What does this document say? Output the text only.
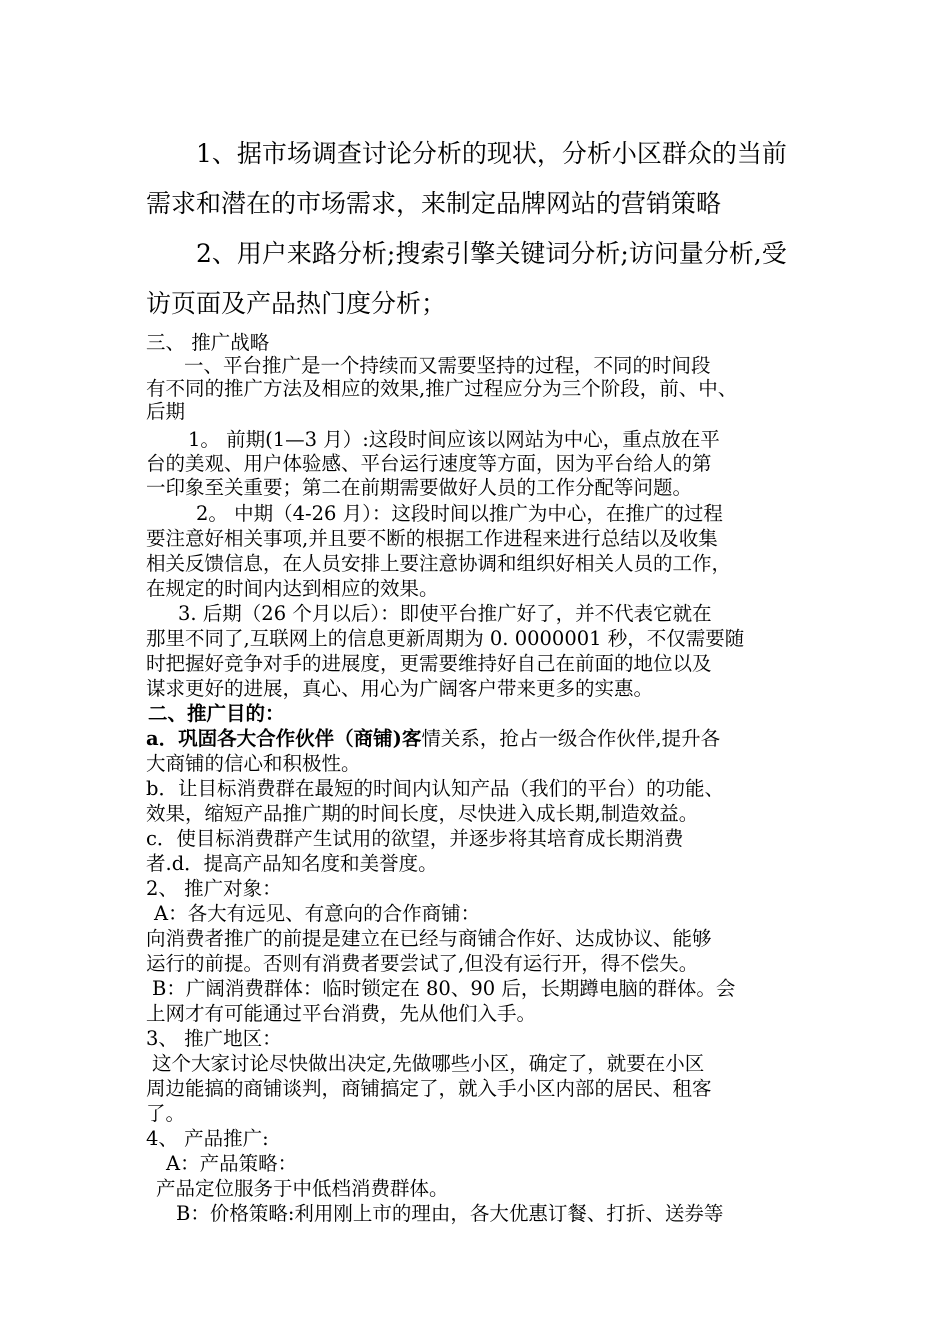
1、据市场调查讨论分析的现状，分析小区群众的当前

需求和潜在的市场需求，来制定品牌网站的营销策略

2、用户来路分析;搜索引擎关键词分析;访问量分析,受

访页面及产品热门度分析；

三、 推广战略

一、平台推广是一个持续而又需要坚持的过程，不同的时间段

有不同的推广方法及相应的效果,推广过程应分为三个阶段，前、中、

后期

1。 前期(1—3 月）:这段时间应该以网站为中心，重点放在平

台的美观、用户体验感、平台运行速度等方面，因为平台给人的第

一印象至关重要；第二在前期需要做好人员的工作分配等问题。

2。 中期（4-26 月）：这段时间以推广为中心，在推广的过程

要注意好相关事项,并且要不断的根据工作进程来进行总结以及收集

相关反馈信息，在人员安排上要注意协调和组织好相关人员的工作，

在规定的时间内达到相应的效果。

3. 后期（26 个月以后）：即使平台推广好了，并不代表它就在

那里不同了,互联网上的信息更新周期为 0. 0000001 秒，不仅需要随

时把握好竞争对手的进展度，更需要维持好自己在前面的地位以及

谋求更好的进展，真心、用心为广阔客户带来更多的实惠。

二、推广目的：

a．巩固各大合作伙伴（商铺)客情关系，抢占一级合作伙伴,提升各

大商铺的信心和积极性。

b．让目标消费群在最短的时间内认知产品（我们的平台）的功能、

效果，缩短产品推广期的时间长度，尽快进入成长期,制造效益。

c．使目标消费群产生试用的欲望，并逐步将其培育成长期消费

者.d．提高产品知名度和美誉度。

2、 推广对象：

A：各大有远见、有意向的合作商铺：

向消费者推广的前提是建立在已经与商铺合作好、达成协议、能够

运行的前提。否则有消费者要尝试了,但没有运行开，得不偿失。

B：广阔消费群体：临时锁定在 80、90 后，长期蹲电脑的群体。会

上网才有可能通过平台消费，先从他们入手。

3、 推广地区：

这个大家讨论尽快做出决定,先做哪些小区，确定了，就要在小区

周边能搞的商铺谈判，商铺搞定了，就入手小区内部的居民、租客

了。

4、 产品推广:

A：产品策略：

产品定位服务于中低档消费群体。

B：价格策略:利用刚上市的理由，各大优惠订餐、打折、送券等
